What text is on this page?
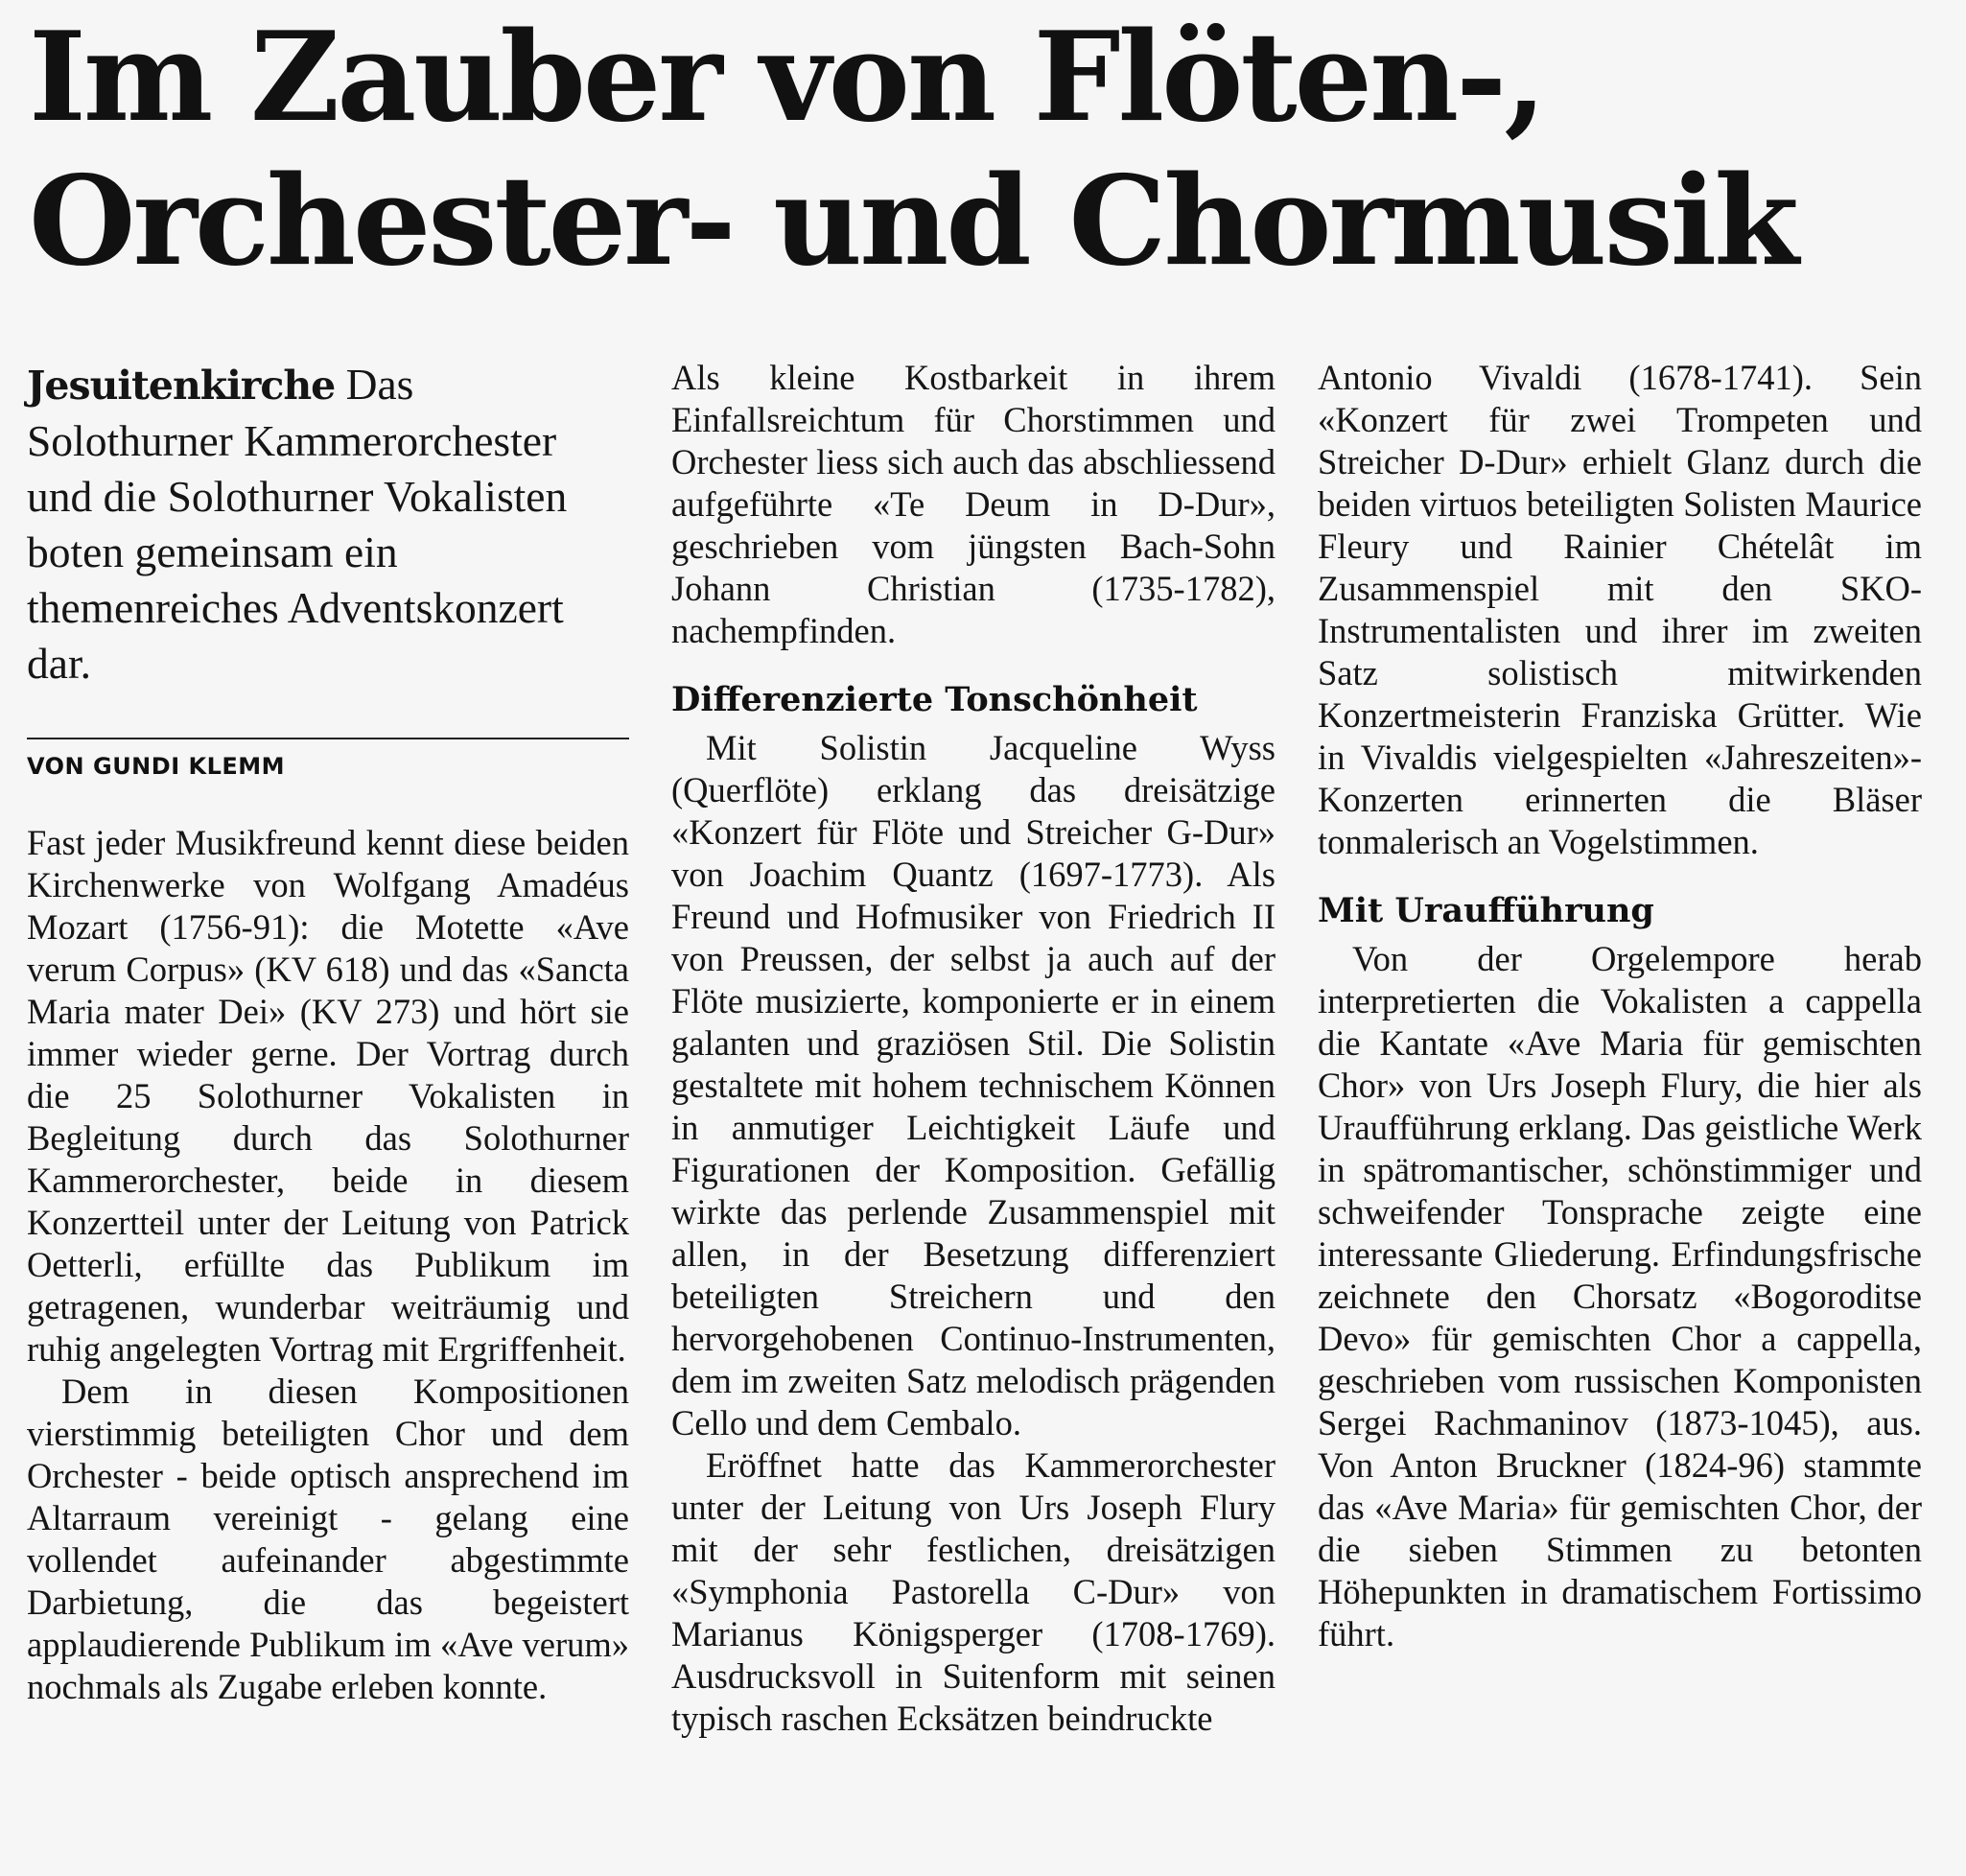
Im Zauber von Flöten-,
Orchester- und Chormusik

Jesuitenkirche Das Solothurner Kammerorchester und die Solothurner Vokalisten boten gemeinsam ein themenreiches Adventskonzert dar.

VON GUNDI KLEMM

Fast jeder Musikfreund kennt diese beiden Kirchenwerke von Wolfgang Amadéus Mozart (1756-91): die Motette «Ave verum Corpus» (KV 618) und das «Sancta Maria mater Dei» (KV 273) und hört sie immer wieder gerne. Der Vortrag durch die 25 Solothurner Vokalisten in Begleitung durch das Solothurner Kammerorchester, beide in diesem Konzertteil unter der Leitung von Patrick Oetterli, erfüllte das Publikum im getragenen, wunderbar weiträumig und ruhig angelegten Vortrag mit Ergriffenheit.

Dem in diesen Kompositionen vierstimmig beteiligten Chor und dem Orchester - beide optisch ansprechend im Altarraum vereinigt - gelang eine vollendet aufeinander abgestimmte Darbietung, die das begeistert applaudierende Publikum im «Ave verum» nochmals als Zugabe erleben konnte.

Als kleine Kostbarkeit in ihrem Einfallsreichtum für Chorstimmen und Orchester liess sich auch das abschliessend aufgeführte «Te Deum in D-Dur», geschrieben vom jüngsten Bach-Sohn Johann Christian (1735-1782), nachempfinden.

Differenzierte Tonschönheit

Mit Solistin Jacqueline Wyss (Querflöte) erklang das dreisätzige «Konzert für Flöte und Streicher G-Dur» von Joachim Quantz (1697-1773). Als Freund und Hofmusiker von Friedrich II von Preussen, der selbst ja auch auf der Flöte musizierte, komponierte er in einem galanten und graziösen Stil. Die Solistin gestaltete mit hohem technischem Können in anmutiger Leichtigkeit Läufe und Figurationen der Komposition. Gefällig wirkte das perlende Zusammenspiel mit allen, in der Besetzung differenziert beteiligten Streichern und den hervorgehobenen Continuo-Instrumenten, dem im zweiten Satz melodisch prägenden Cello und dem Cembalo.

Eröffnet hatte das Kammerorchester unter der Leitung von Urs Joseph Flury mit der sehr festlichen, dreisätzigen «Symphonia Pastorella C-Dur» von Marianus Königsperger (1708-1769). Ausdrucksvoll in Suitenform mit seinen typisch raschen Ecksätzen beindruckte

Antonio Vivaldi (1678-1741). Sein «Konzert für zwei Trompeten und Streicher D-Dur» erhielt Glanz durch die beiden virtuos beteiligten Solisten Maurice Fleury und Rainier Chételât im Zusammenspiel mit den SKO-Instrumentalisten und ihrer im zweiten Satz solistisch mitwirkenden Konzertmeisterin Franziska Grütter. Wie in Vivaldis vielgespielten «Jahreszeiten»-Konzerten erinnerten die Bläser tonmalerisch an Vogelstimmen.

Mit Uraufführung

Von der Orgelempore herab interpretierten die Vokalisten a cappella die Kantate «Ave Maria für gemischten Chor» von Urs Joseph Flury, die hier als Uraufführung erklang. Das geistliche Werk in spätromantischer, schönstimmiger und schweifender Tonsprache zeigte eine interessante Gliederung. Erfindungsfrische zeichnete den Chorsatz «Bogoroditse Devo» für gemischten Chor a cappella, geschrieben vom russischen Komponisten Sergei Rachmaninov (1873-1045), aus. Von Anton Bruckner (1824-96) stammte das «Ave Maria» für gemischten Chor, der die sieben Stimmen zu betonten Höhepunkten in dramatischem Fortissimo führt.
